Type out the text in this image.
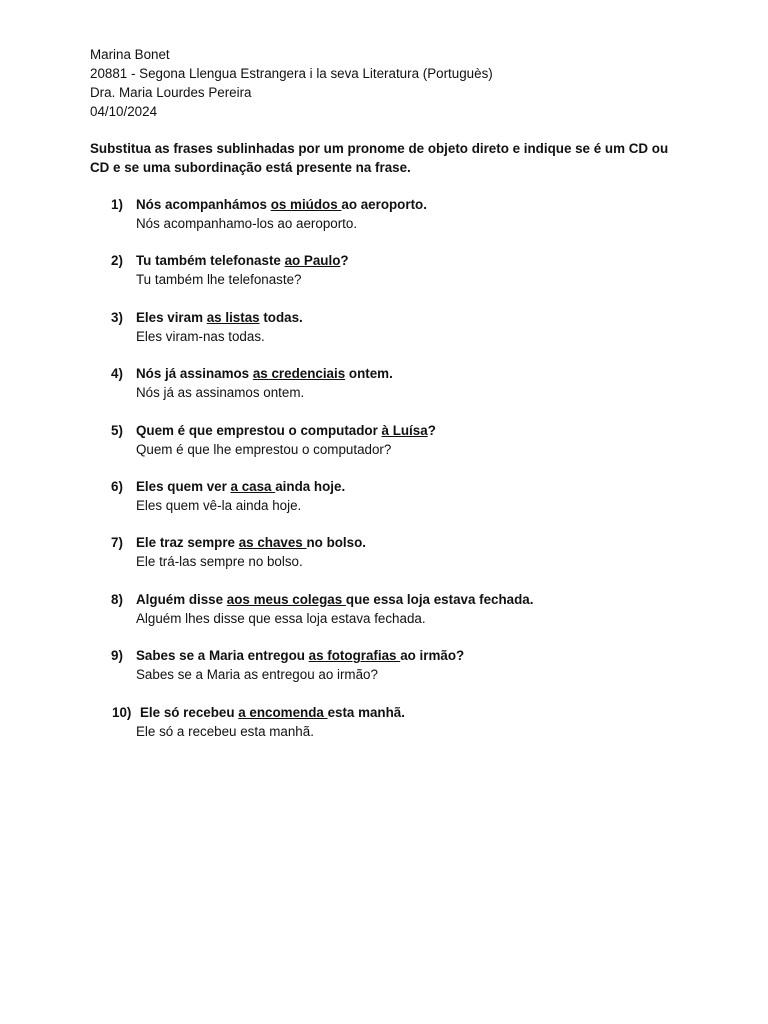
Marina Bonet
20881 - Segona Llengua Estrangera i la seva Literatura (Portuguès)
Dra. Maria Lourdes Pereira
04/10/2024
Substitua as frases sublinhadas por um pronome de objeto direto e indique se é um CD ou CD e se uma subordinação está presente na frase.
1) Nós acompanhámos os miúdos ao aeroporto.
Nós acompanhamo-los ao aeroporto.
2) Tu também telefonaste ao Paulo?
Tu também lhe telefonaste?
3) Eles viram as listas todas.
Eles viram-nas todas.
4) Nós já assinamos as credenciais ontem.
Nós já as assinamos ontem.
5) Quem é que emprestou o computador à Luísa?
Quem é que lhe emprestou o computador?
6) Eles quem ver a casa ainda hoje.
Eles quem vê-la ainda hoje.
7) Ele traz sempre as chaves no bolso.
Ele trá-las sempre no bolso.
8) Alguém disse aos meus colegas que essa loja estava fechada.
Alguém lhes disse que essa loja estava fechada.
9) Sabes se a Maria entregou as fotografias ao irmão?
Sabes se a Maria as entregou ao irmão?
10) Ele só recebeu a encomenda esta manhã.
Ele só a recebeu esta manhã.
